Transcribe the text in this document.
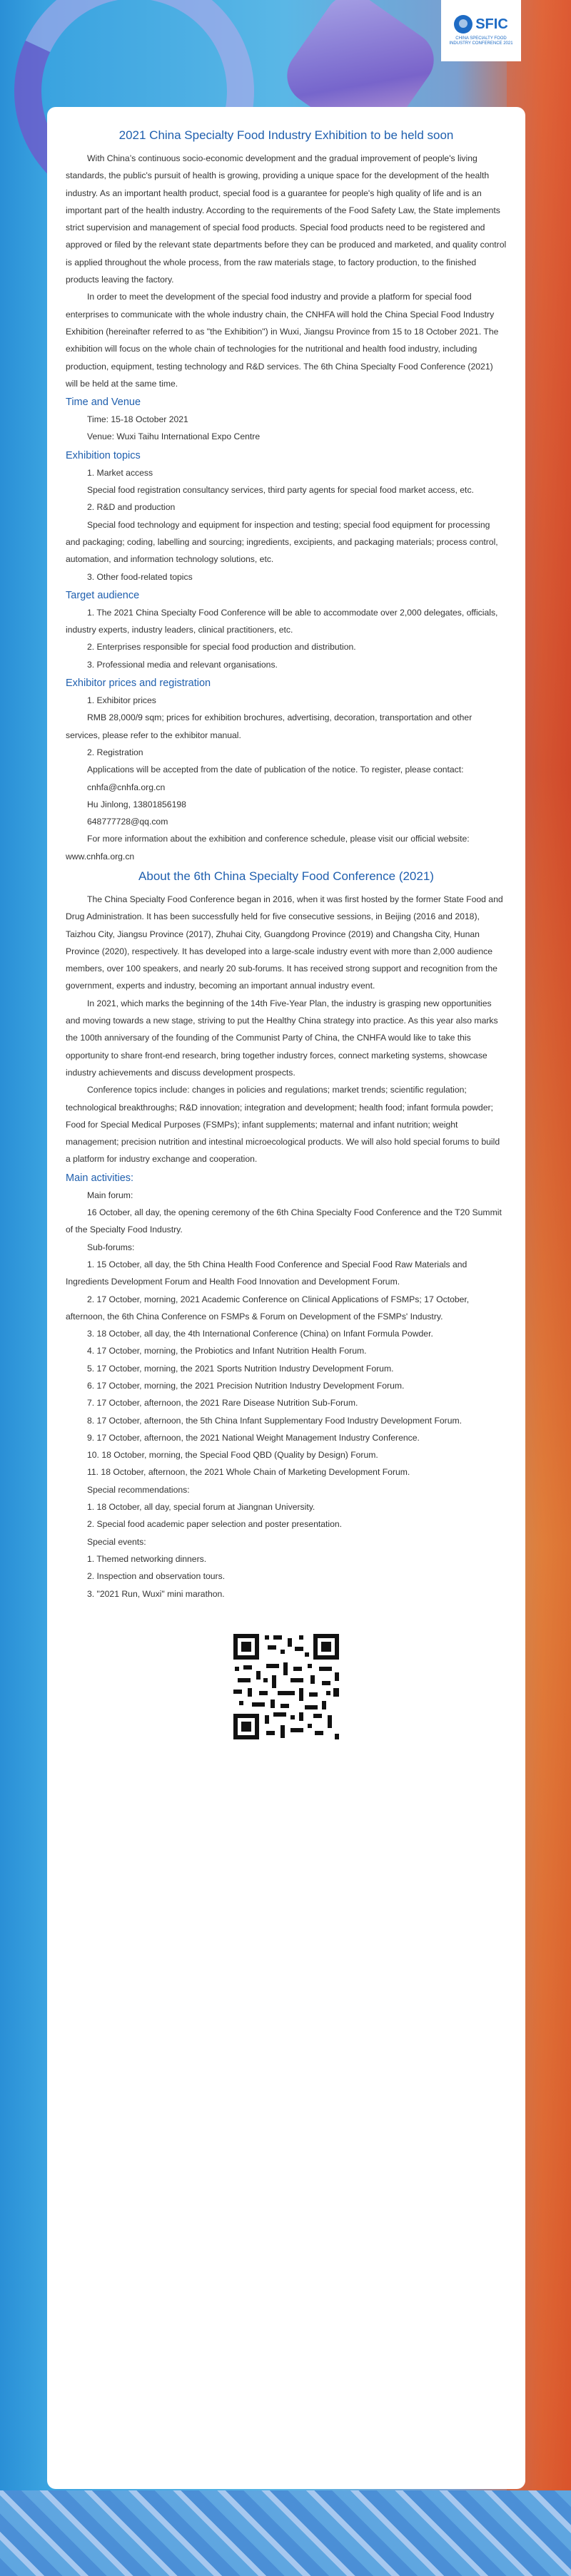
SFIC
CHINA SPECIALTY FOOD INDUSTRY CONFERENCE 2021
2021 China Specialty Food Industry Exhibition to be held soon

With China’s continuous socio-economic development and the gradual improvement of people's living standards, the public's pursuit of health is growing, providing a unique space for the development of the health industry. As an important health product, special food is a guarantee for people's high quality of life and is an important part of the health industry. According to the requirements of the Food Safety Law, the State implements strict supervision and management of special food products. Special food products need to be registered and approved or filed by the relevant state departments before they can be produced and marketed, and quality control is applied throughout the whole process, from the raw materials stage, to factory production, to the finished products leaving the factory.

In order to meet the development of the special food industry and provide a platform for special food enterprises to communicate with the whole industry chain, the CNHFA will hold the China Special Food Industry Exhibition (hereinafter referred to as "the Exhibition") in Wuxi, Jiangsu Province from 15 to 18 October 2021. The exhibition will focus on the whole chain of technologies for the nutritional and health food industry, including production, equipment, testing technology and R&D services. The 6th China Specialty Food Conference (2021) will be held at the same time.

Time and Venue

Time: 15-18 October 2021

Venue: Wuxi Taihu International Expo Centre

Exhibition topics

1. Market access

Special food registration consultancy services, third party agents for special food market access, etc.

2. R&D and production

Special food technology and equipment for inspection and testing; special food equipment for processing and packaging; coding, labelling and sourcing; ingredients, excipients, and packaging materials; process control, automation, and information technology solutions, etc.

3. Other food-related topics

Target audience

1. The 2021 China Specialty Food Conference will be able to accommodate over 2,000 delegates, officials, industry experts, industry leaders, clinical practitioners, etc.

2. Enterprises responsible for special food production and distribution.

3. Professional media and relevant organisations.

Exhibitor prices and registration

1. Exhibitor prices

RMB 28,000/9 sqm; prices for exhibition brochures, advertising, decoration, transportation and other services, please refer to the exhibitor manual.

2. Registration

Applications will be accepted from the date of publication of the notice. To register, please contact:

cnhfa@cnhfa.org.cn

Hu Jinlong, 13801856198

648777728@qq.com

For more information about the exhibition and conference schedule, please visit our official website: www.cnhfa.org.cn

About the 6th China Specialty Food Conference (2021)

The China Specialty Food Conference began in 2016, when it was first hosted by the former State Food and Drug Administration. It has been successfully held for five consecutive sessions, in Beijing (2016 and 2018), Taizhou City, Jiangsu Province (2017), Zhuhai City, Guangdong Province (2019) and Changsha City, Hunan Province (2020), respectively. It has developed into a large-scale industry event with more than 2,000 audience members, over 100 speakers, and nearly 20 sub-forums. It has received strong support and recognition from the government, experts and industry, becoming an important annual industry event.

In 2021, which marks the beginning of the 14th Five-Year Plan, the industry is grasping new opportunities and moving towards a new stage, striving to put the Healthy China strategy into practice. As this year also marks the 100th anniversary of the founding of the Communist Party of China, the CNHFA would like to take this opportunity to share front-end research, bring together industry forces, connect marketing systems, showcase industry achievements and discuss development prospects.

Conference topics include: changes in policies and regulations; market trends; scientific regulation; technological breakthroughs; R&D innovation; integration and development; health food; infant formula powder; Food for Special Medical Purposes (FSMPs); infant supplements; maternal and infant nutrition; weight management; precision nutrition and intestinal microecological products. We will also hold special forums to build a platform for industry exchange and cooperation.

Main activities:

Main forum:

16 October, all day, the opening ceremony of the 6th China Specialty Food Conference and the T20 Summit of the Specialty Food Industry.

Sub-forums:

1. 15 October, all day, the 5th China Health Food Conference and Special Food Raw Materials and Ingredients Development Forum and Health Food Innovation and Development Forum.

2. 17 October, morning, 2021 Academic Conference on Clinical Applications of FSMPs; 17 October, afternoon, the 6th China Conference on FSMPs & Forum on Development of the FSMPs' Industry.

3. 18 October, all day, the 4th International Conference (China) on Infant Formula Powder.

4. 17 October, morning, the Probiotics and Infant Nutrition Health Forum.

5. 17 October, morning, the 2021 Sports Nutrition Industry Development Forum.

6. 17 October, morning, the 2021 Precision Nutrition Industry Development Forum.

7. 17 October, afternoon, the 2021 Rare Disease Nutrition Sub-Forum.

8. 17 October, afternoon, the 5th China Infant Supplementary Food Industry Development Forum.

9. 17 October, afternoon, the 2021 National Weight Management Industry Conference.

10. 18 October, morning, the Special Food QBD (Quality by Design) Forum.

11. 18 October, afternoon, the 2021 Whole Chain of Marketing Development Forum.

Special recommendations:

1. 18 October, all day, special forum at Jiangnan University.

2. Special food academic paper selection and poster presentation.

Special events:

1. Themed networking dinners.

2. Inspection and observation tours.

3. "2021 Run, Wuxi" mini marathon.
